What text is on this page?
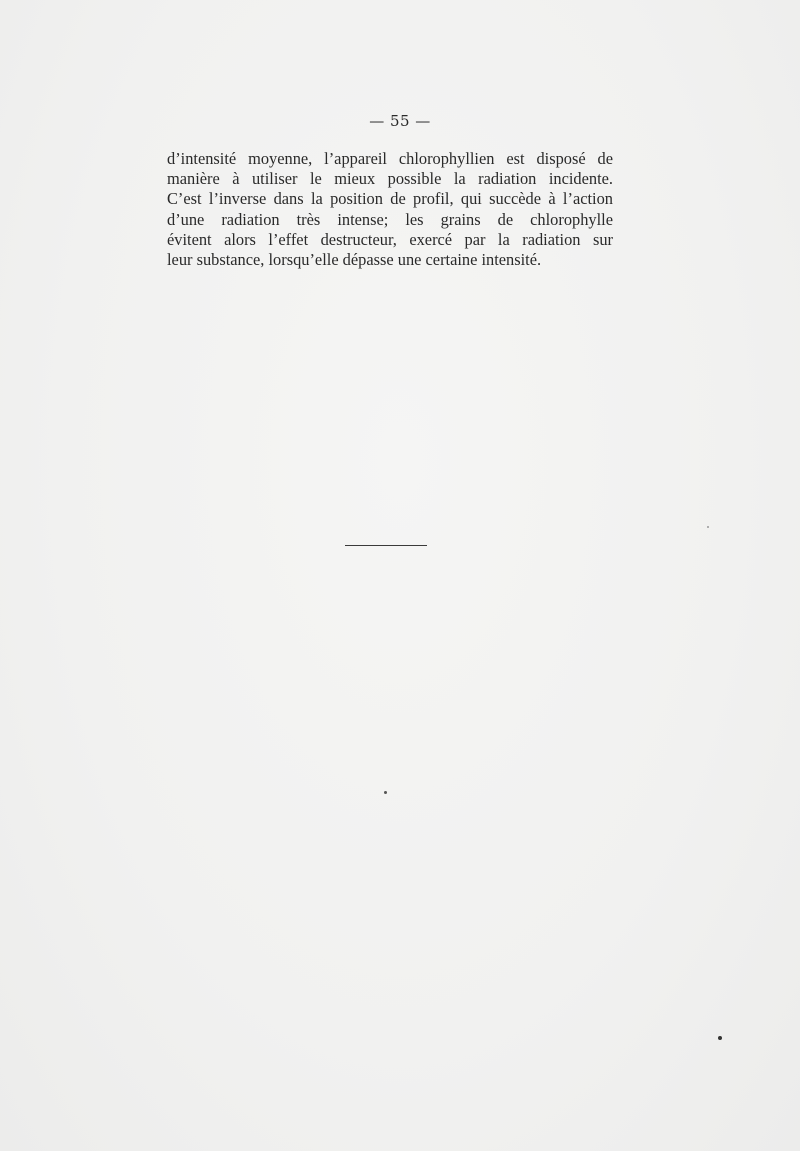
— 55 —
d’intensité moyenne, l’appareil chlorophyllien est disposé de
manière à utiliser le mieux possible la radiation incidente.
C’est l’inverse dans la position de profil, qui succède à l’action
d’une radiation très intense; les grains de chlorophylle
évitent alors l’effet destructeur, exercé par la radiation sur
leur substance, lorsqu’elle dépasse une certaine intensité.
